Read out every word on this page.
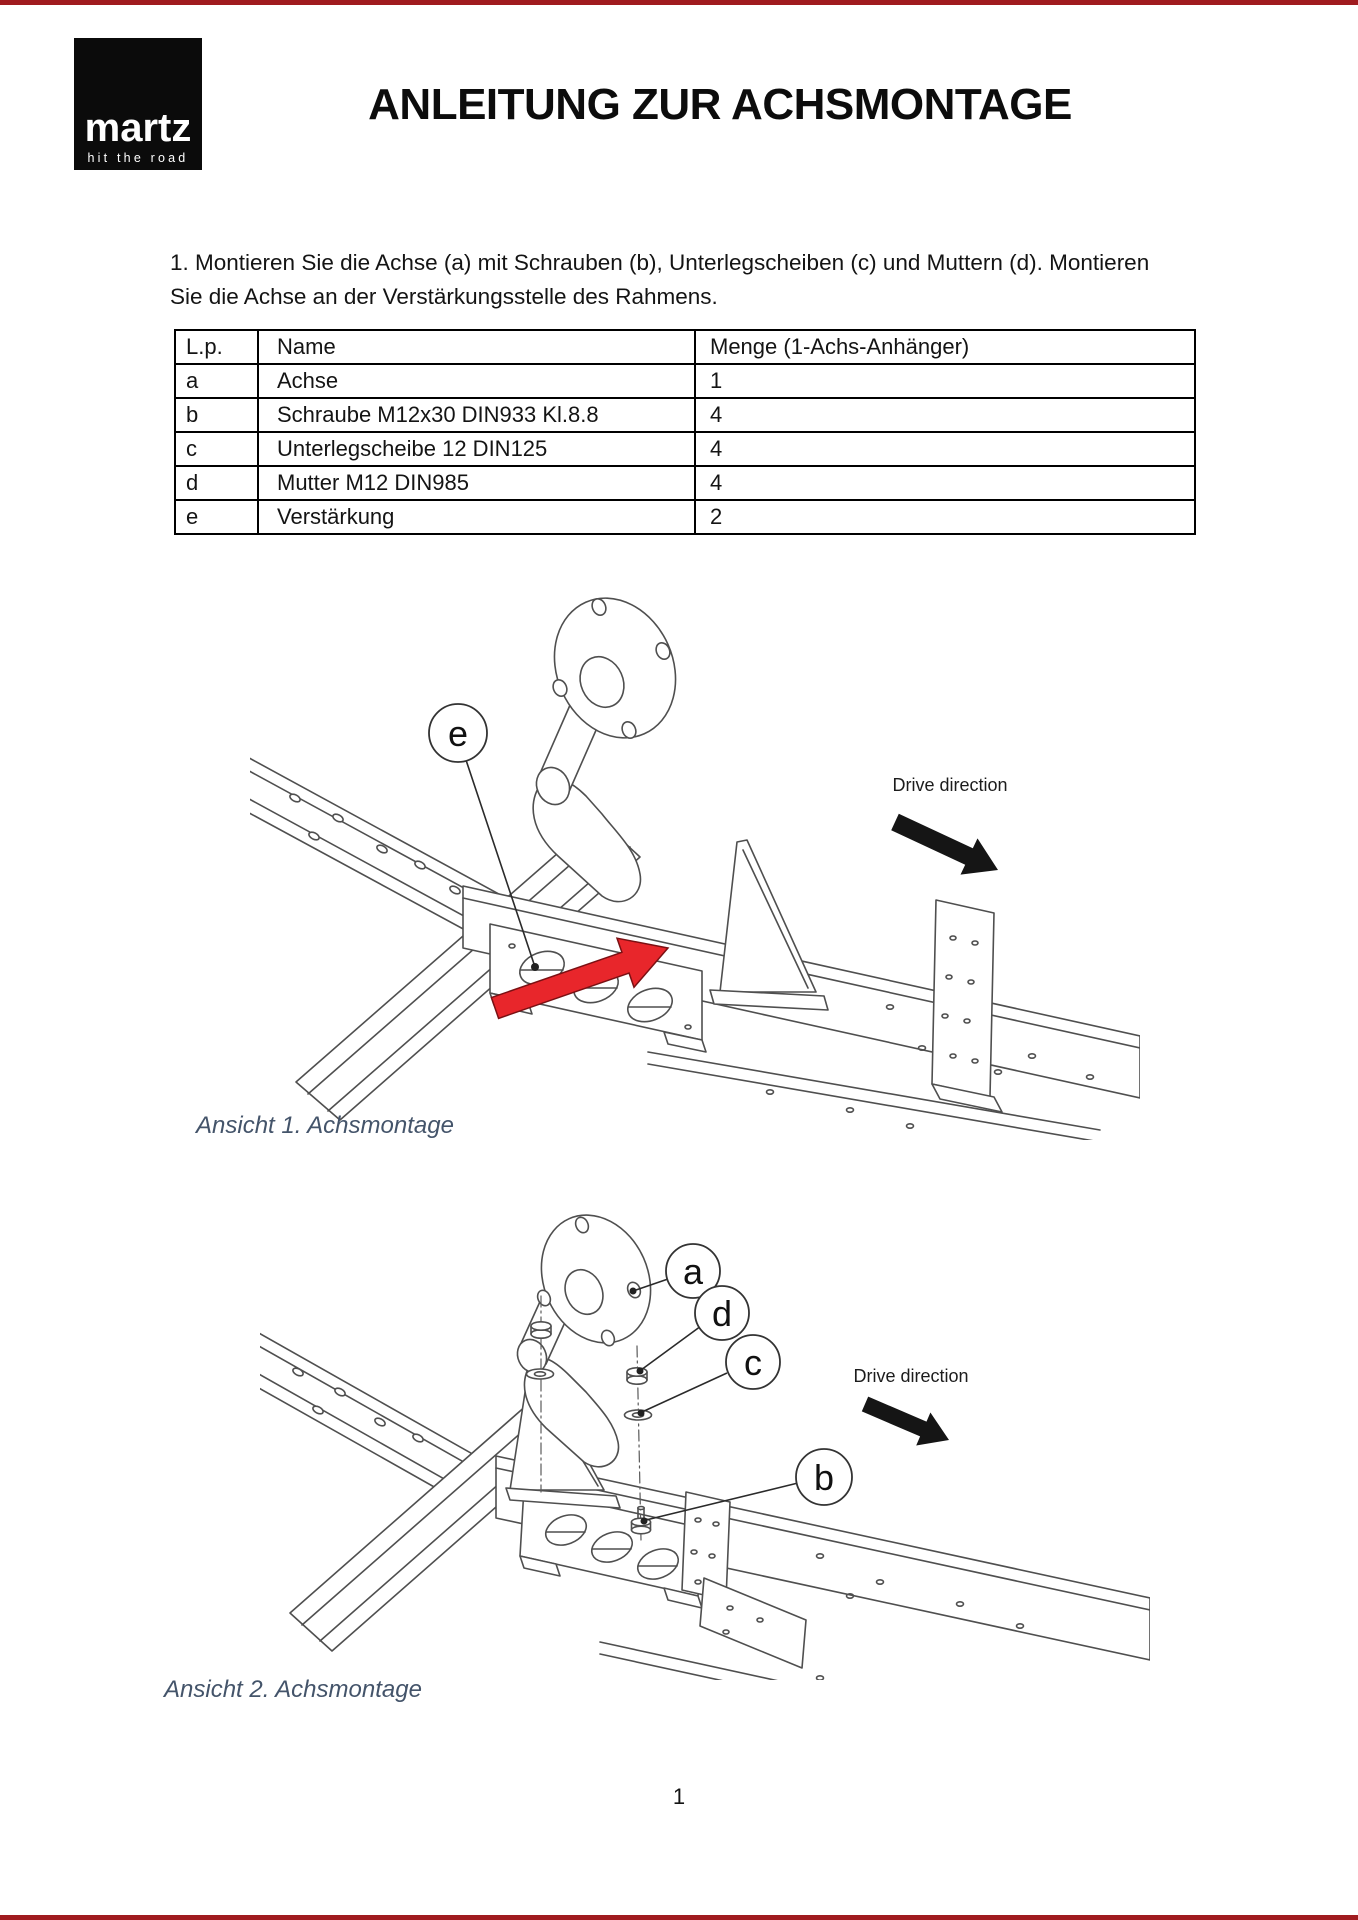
martz
hit the road
ANLEITUNG ZUR ACHSMONTAGE
1. Montieren Sie die Achse (a) mit Schrauben (b), Unterlegscheiben (c) und Muttern (d). Montieren
Sie die Achse an der Verstärkungsstelle des Rahmens.
L.p.	Name	Menge (1-Achs-Anhänger)
a	Achse	1
b	Schraube M12x30 DIN933 Kl.8.8	4
c	Unterlegscheibe 12 DIN125	4
d	Mutter M12 DIN985	4
e	Verstärkung	2
e
Drive direction
Ansicht 1. Achsmontage
a
d
c
b
Drive direction
Ansicht 2. Achsmontage
1
